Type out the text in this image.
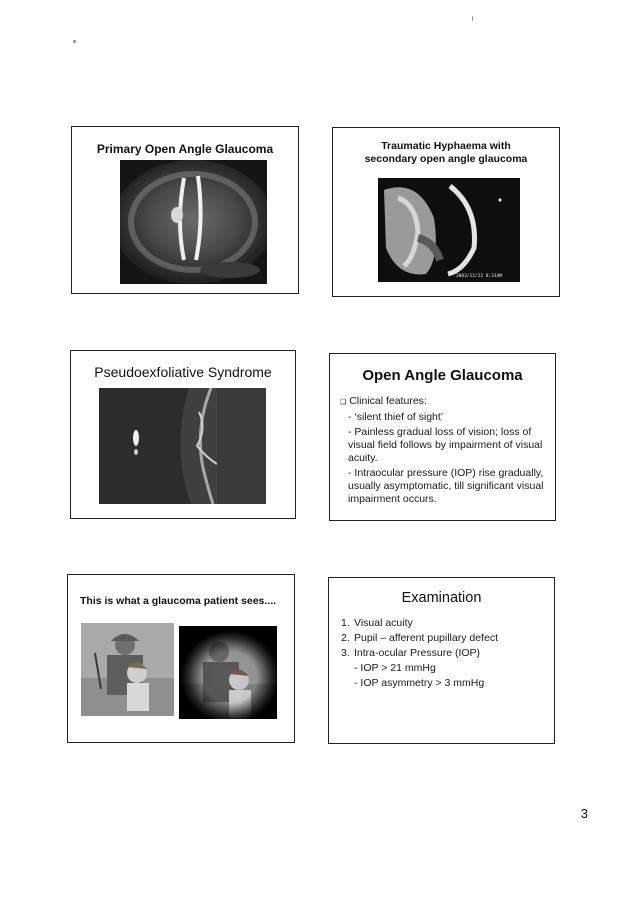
Primary Open Angle Glaucoma	Traumatic Hyphaema with
secondary open angle glaucoma
2003/12/22 8:31AM
Pseudoexfoliative Syndrome	Open Angle Glaucoma
❑ Clinical features:
- ‘silent thief of sight’
- Painless gradual loss of vision; loss of visual field follows by impairment of visual acuity.
- Intraocular pressure (IOP) rise gradually, usually asymptomatic, till significant visual impairment occurs.
This is what a glaucoma patient sees....	Examination
1. Visual acuity
2. Pupil – afferent pupillary defect
3. Intra-ocular Pressure (IOP)
- IOP > 21 mmHg
- IOP asymmetry > 3 mmHg
3
